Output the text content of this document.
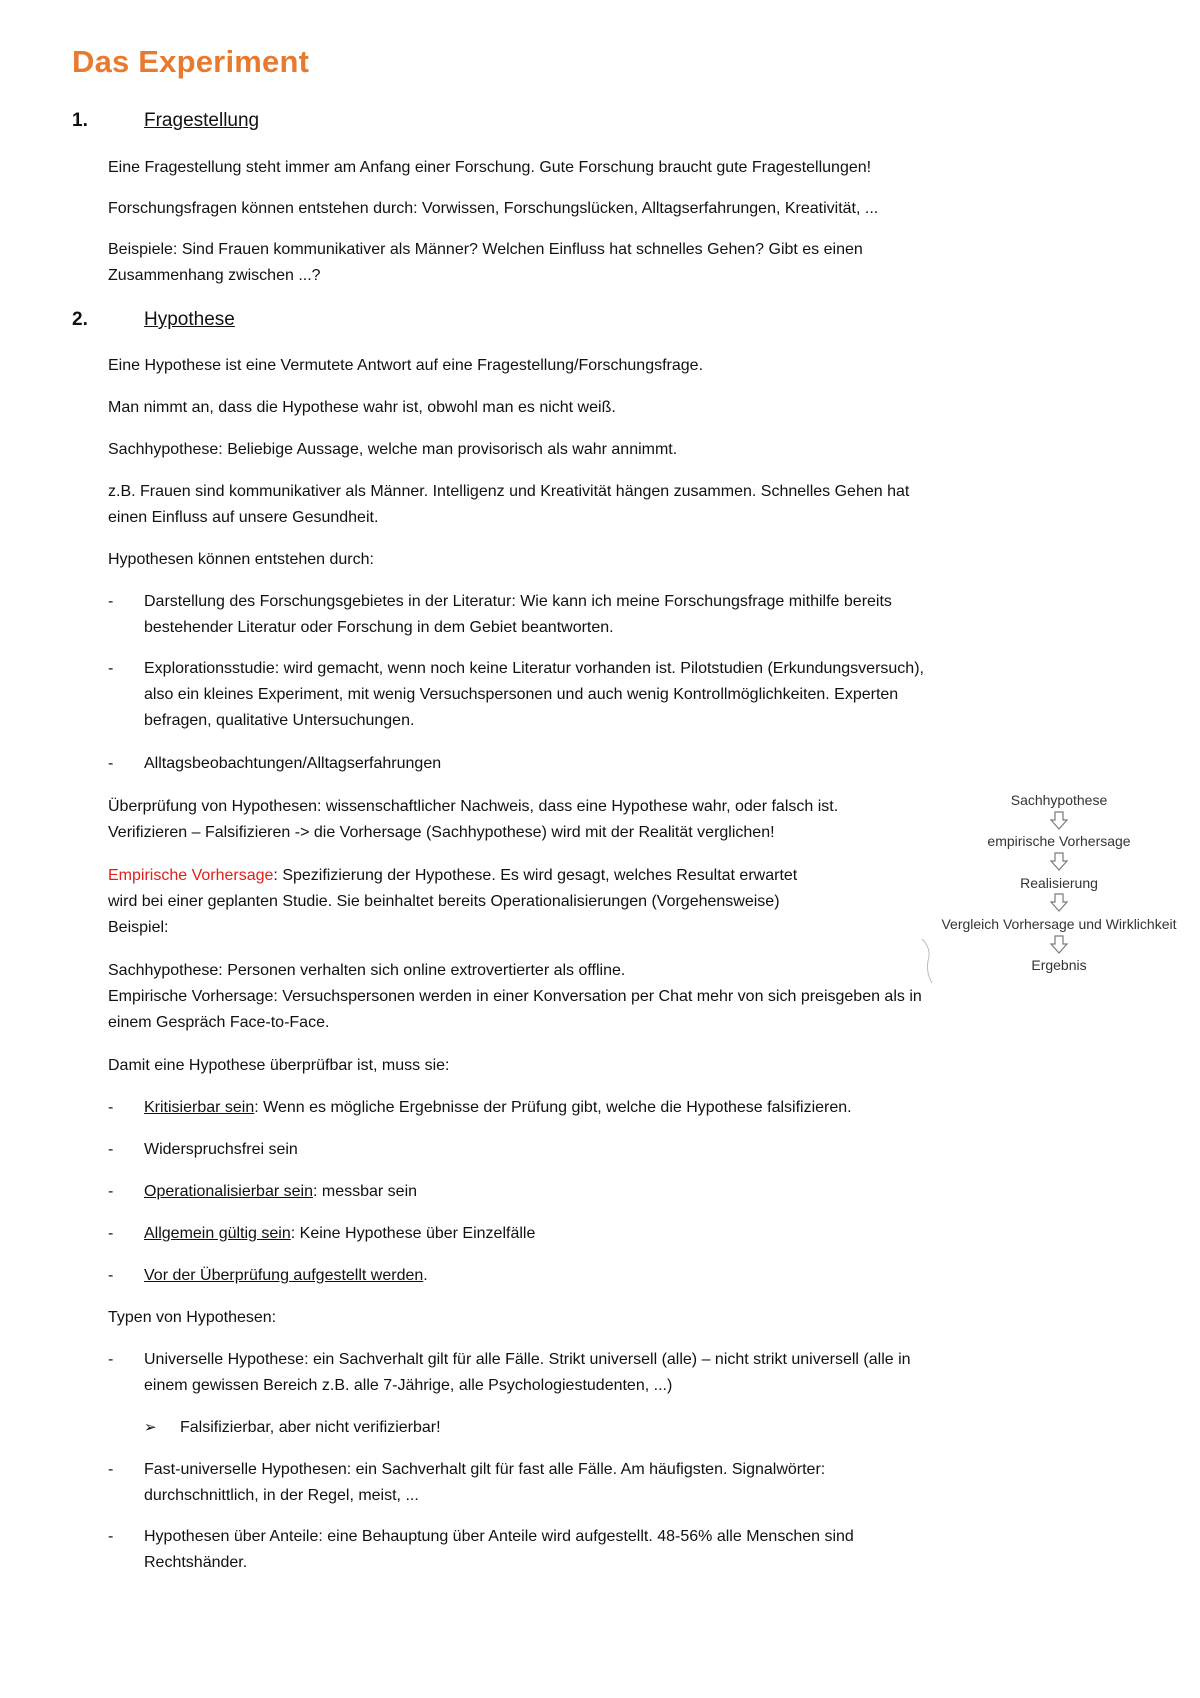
Das Experiment
1.	Fragestellung

Eine Fragestellung steht immer am Anfang einer Forschung. Gute Forschung braucht gute Fragestellungen!

Forschungsfragen können entstehen durch: Vorwissen, Forschungslücken, Alltagserfahrungen, Kreativität, ...

Beispiele: Sind Frauen kommunikativer als Männer? Welchen Einfluss hat schnelles Gehen? Gibt es einen
Zusammenhang zwischen ...?

2.	Hypothese

Eine Hypothese ist eine Vermutete Antwort auf eine Fragestellung/Forschungsfrage.

Man nimmt an, dass die Hypothese wahr ist, obwohl man es nicht weiß.

Sachhypothese: Beliebige Aussage, welche man provisorisch als wahr annimmt.

z.B. Frauen sind kommunikativer als Männer. Intelligenz und Kreativität hängen zusammen. Schnelles Gehen hat
einen Einfluss auf unsere Gesundheit.

Hypothesen können entstehen durch:

- Darstellung des Forschungsgebietes in der Literatur: Wie kann ich meine Forschungsfrage mithilfe bereits
bestehender Literatur oder Forschung in dem Gebiet beantworten.
- Explorationsstudie: wird gemacht, wenn noch keine Literatur vorhanden ist. Pilotstudien (Erkundungsversuch),
also ein kleines Experiment, mit wenig Versuchspersonen und auch wenig Kontrollmöglichkeiten. Experten
befragen, qualitative Untersuchungen.
- Alltagsbeobachtungen/Alltagserfahrungen

Überprüfung von Hypothesen: wissenschaftlicher Nachweis, dass eine Hypothese wahr, oder falsch ist.
Verifizieren – Falsifizieren -> die Vorhersage (Sachhypothese) wird mit der Realität verglichen!

Empirische Vorhersage: Spezifizierung der Hypothese. Es wird gesagt, welches Resultat erwartet
wird bei einer geplanten Studie. Sie beinhaltet bereits Operationalisierungen (Vorgehensweise)
Beispiel:

Sachhypothese: Personen verhalten sich online extrovertierter als offline.
Empirische Vorhersage: Versuchspersonen werden in einer Konversation per Chat mehr von sich preisgeben als in
einem Gespräch Face-to-Face.

Damit eine Hypothese überprüfbar ist, muss sie:

- Kritisierbar sein: Wenn es mögliche Ergebnisse der Prüfung gibt, welche die Hypothese falsifizieren.
- Widerspruchsfrei sein
- Operationalisierbar sein: messbar sein
- Allgemein gültig sein: Keine Hypothese über Einzelfälle
- Vor der Überprüfung aufgestellt werden.

Typen von Hypothesen:

- Universelle Hypothese: ein Sachverhalt gilt für alle Fälle. Strikt universell (alle) – nicht strikt universell (alle in
einem gewissen Bereich z.B. alle 7-Jährige, alle Psychologiestudenten, ...)
➢ Falsifizierbar, aber nicht verifizierbar!
- Fast-universelle Hypothesen: ein Sachverhalt gilt für fast alle Fälle. Am häufigsten. Signalwörter:
durchschnittlich, in der Regel, meist, ...
- Hypothesen über Anteile: eine Behauptung über Anteile wird aufgestellt. 48-56% alle Menschen sind
Rechtshänder.
Sachhypothese
empirische Vorhersage
Realisierung
Vergleich Vorhersage und Wirklichkeit
Ergebnis
